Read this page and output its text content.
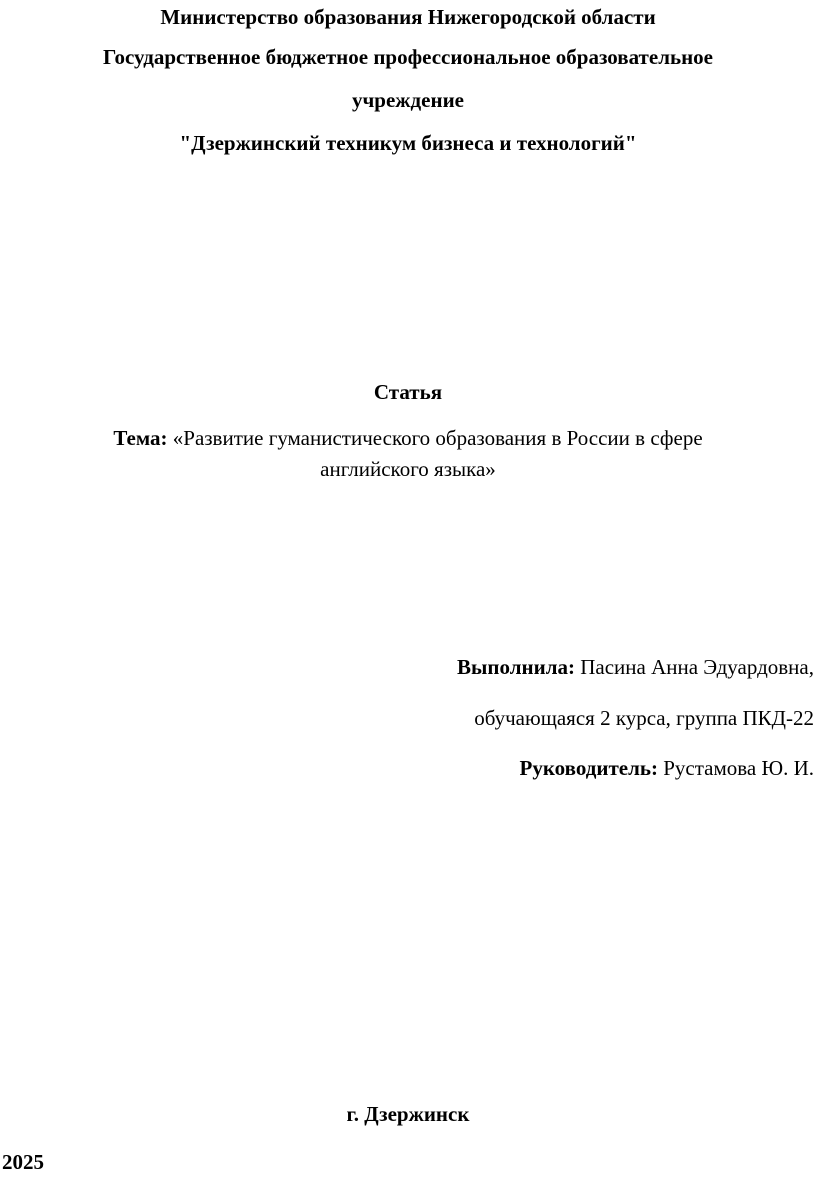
Министерство образования Нижегородской области
Государственное бюджетное профессиональное образовательное
учреждение
"Дзержинский техникум бизнеса и технологий"
Статья
Тема: «Развитие гуманистического образования в России в сфере
английского языка»
Выполнила: Пасина Анна Эдуардовна,
обучающаяся 2 курса, группа ПКД-22
Руководитель: Рустамова Ю. И.
г. Дзержинск
2025
